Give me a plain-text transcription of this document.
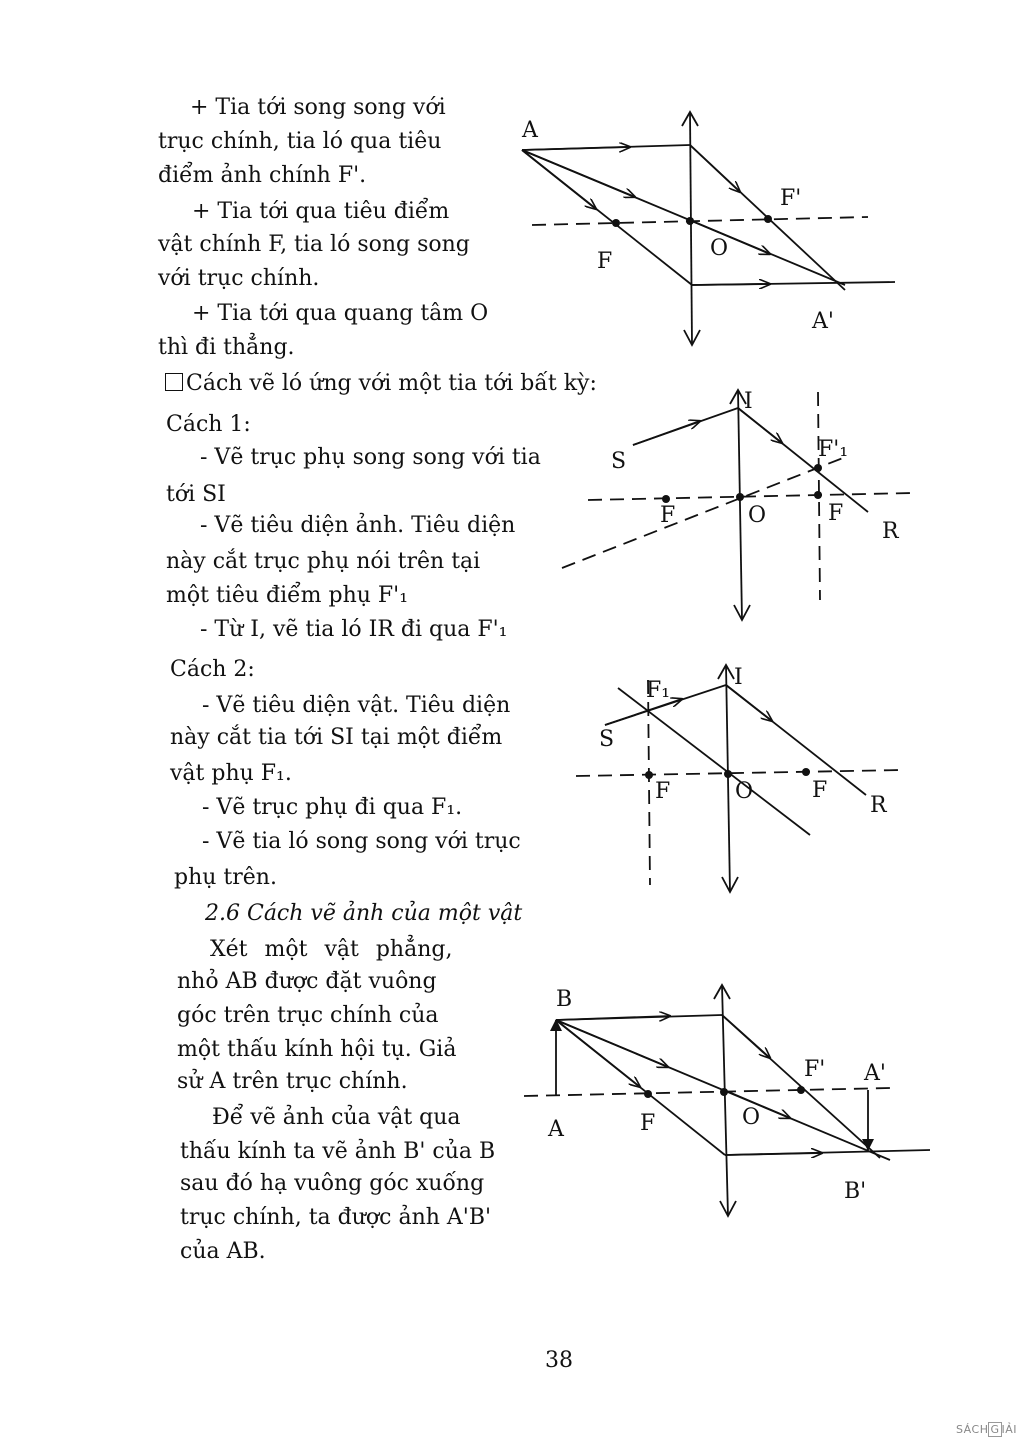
+ Tia tới song song với
trục chính, tia ló qua tiêu
điểm ảnh chính F'.
+ Tia tới qua tiêu điểm
vật chính F, tia ló song song
với trục chính.
+ Tia tới qua quang tâm O
thì đi thẳng.
Cách vẽ ló ứng với một tia tới bất kỳ:
Cách 1:
- Vẽ trục phụ song song với tia
tới SI
- Vẽ tiêu diện ảnh. Tiêu diện
này cắt trục phụ nói trên tại
một tiêu điểm phụ F'₁
- Từ I, vẽ tia ló IR đi qua F'₁
Cách 2:
- Vẽ tiêu diện vật. Tiêu diện
này cắt tia tới SI tại một điểm
vật phụ F₁.
- Vẽ trục phụ đi qua F₁.
- Vẽ tia ló song song với trục
phụ trên.
2.6 Cách vẽ ảnh của một vật
Xét một vật phẳng,
nhỏ AB được đặt vuông
góc trên trục chính của
một thấu kính hội tụ. Giả
sử A trên trục chính.
Để vẽ ảnh của vật qua
thấu kính ta vẽ ảnh B' của B
sau đó hạ vuông góc xuống
trục chính, ta được ảnh A'B'
của AB.
38
SÁCH G IẢI
A
F'
F
O
A'
I
F'₁
S
F	O	F
R
F₁
I
S
F	O	F
R
B
F' A'
A	F	O
B'
